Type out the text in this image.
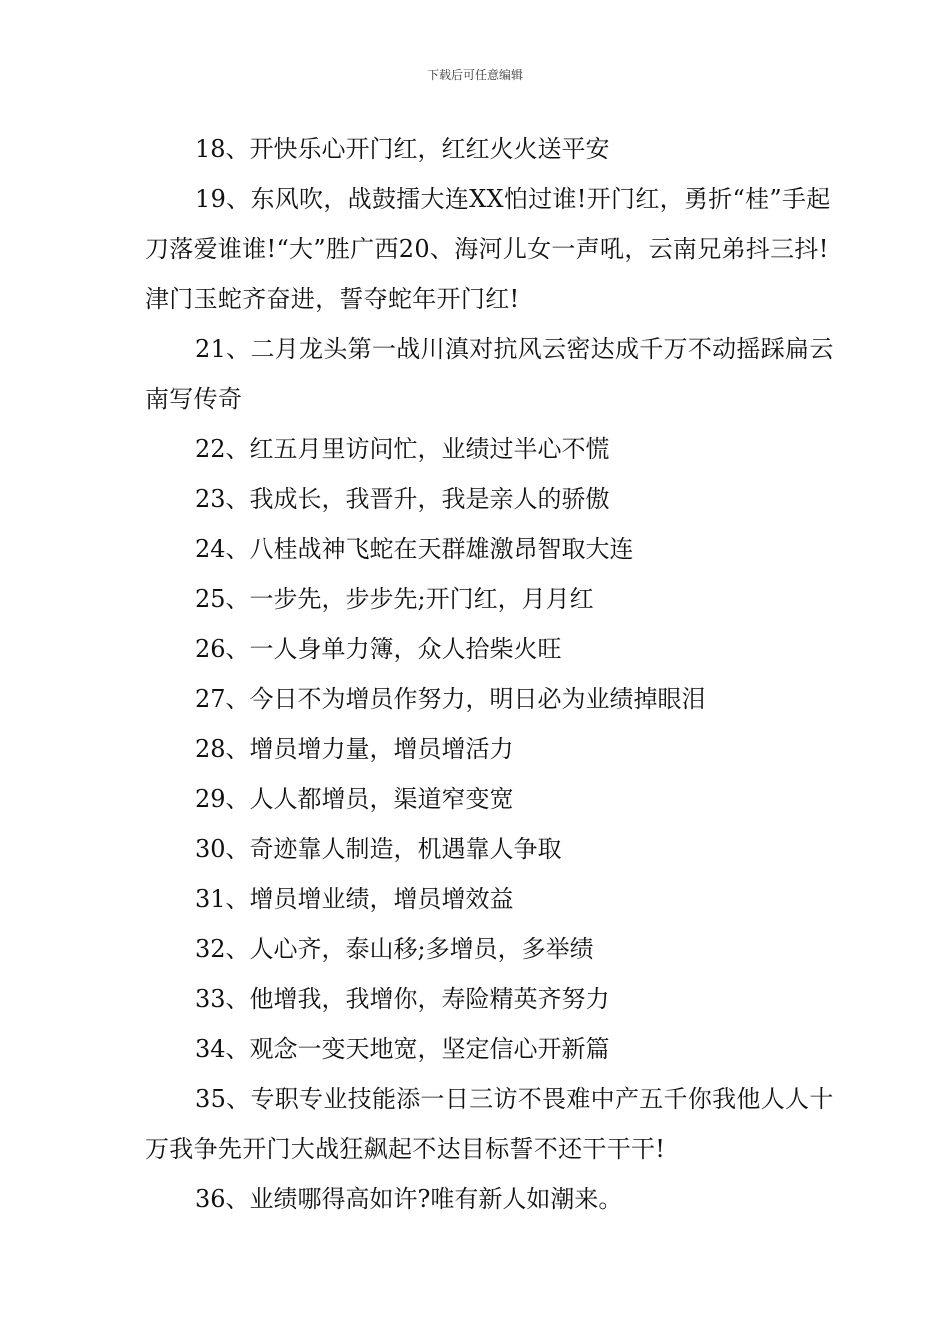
下载后可任意编辑

18、开快乐心开门红，红红火火送平安

19、东风吹，战鼓擂大连XX怕过谁!开门红，勇折“桂”手起刀落爱谁谁!“大”胜广西20、海河儿女一声吼，云南兄弟抖三抖!津门玉蛇齐奋进，誓夺蛇年开门红!

21、二月龙头第一战川滇对抗风云密达成千万不动摇踩扁云南写传奇

22、红五月里访问忙，业绩过半心不慌

23、我成长，我晋升，我是亲人的骄傲

24、八桂战神飞蛇在天群雄激昂智取大连

25、一步先，步步先;开门红，月月红

26、一人身单力簿，众人拾柴火旺

27、今日不为增员作努力，明日必为业绩掉眼泪

28、增员增力量，增员增活力

29、人人都增员，渠道窄变宽

30、奇迹靠人制造，机遇靠人争取

31、增员增业绩，增员增效益

32、人心齐，泰山移;多增员，多举绩

33、他增我，我增你，寿险精英齐努力

34、观念一变天地宽，坚定信心开新篇

35、专职专业技能添一日三访不畏难中产五千你我他人人十万我争先开门大战狂飙起不达目标誓不还干干干!

36、业绩哪得高如许?唯有新人如潮来。
